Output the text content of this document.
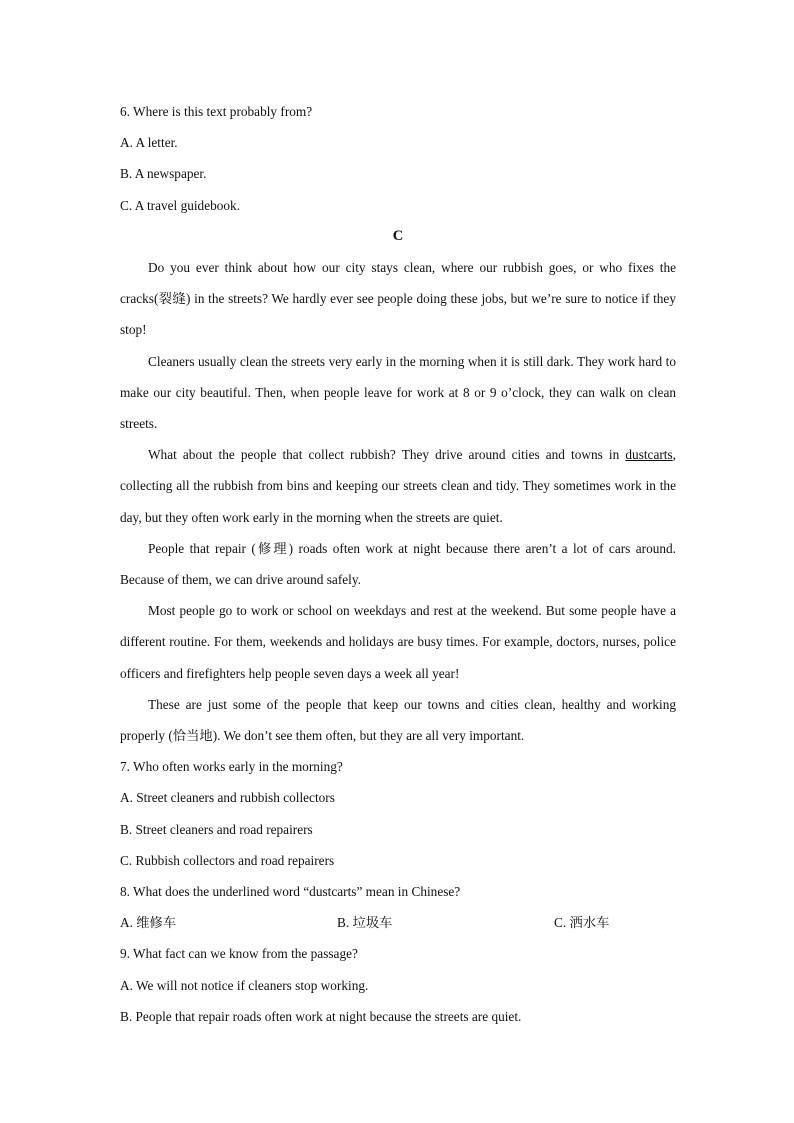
6. Where is this text probably from?
A. A letter.
B. A newspaper.
C. A travel guidebook.
C

Do you ever think about how our city stays clean, where our rubbish goes, or who fixes the cracks(裂缝) in the streets? We hardly ever see people doing these jobs, but we’re sure to notice if they stop!

Cleaners usually clean the streets very early in the morning when it is still dark. They work hard to make our city beautiful. Then, when people leave for work at 8 or 9 o’clock, they can walk on clean streets.

What about the people that collect rubbish? They drive around cities and towns in dustcarts, collecting all the rubbish from bins and keeping our streets clean and tidy. They sometimes work in the day, but they often work early in the morning when the streets are quiet.

People that repair (修理) roads often work at night because there aren’t a lot of cars around. Because of them, we can drive around safely.

Most people go to work or school on weekdays and rest at the weekend. But some people have a different routine. For them, weekends and holidays are busy times. For example, doctors, nurses, police officers and firefighters help people seven days a week all year!

These are just some of the people that keep our towns and cities clean, healthy and working properly (恰当地). We don’t see them often, but they are all very important.

7. Who often works early in the morning?
A. Street cleaners and rubbish collectors
B. Street cleaners and road repairers
C. Rubbish collectors and road repairers
8. What does the underlined word “dustcarts” mean in Chinese?
A. 维修车	B. 垃圾车	C. 洒水车
9. What fact can we know from the passage?
A. We will not notice if cleaners stop working.
B. People that repair roads often work at night because the streets are quiet.
